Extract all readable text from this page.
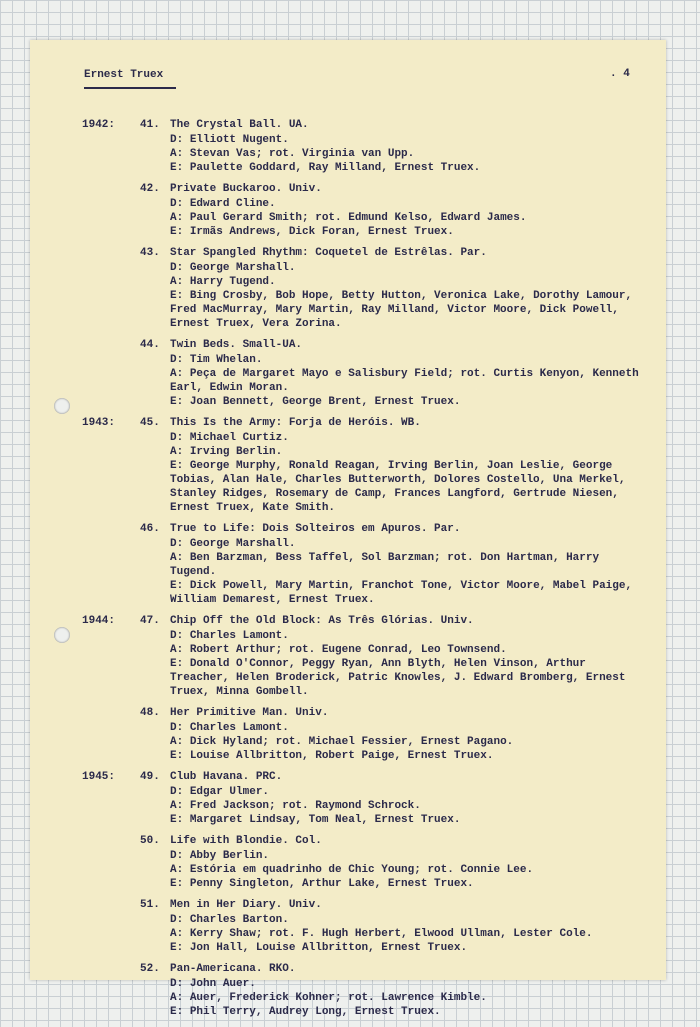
Ernest Truex	. 4
1942: 41. The Crystal Ball. UA.
D: Elliott Nugent.
A: Stevan Vas; rot. Virginia van Upp.
E: Paulette Goddard, Ray Milland, Ernest Truex.
42. Private Buckaroo. Univ.
D: Edward Cline.
A: Paul Gerard Smith; rot. Edmund Kelso, Edward James.
E: Irmãs Andrews, Dick Foran, Ernest Truex.
43. Star Spangled Rhythm: Coquetel de Estrêlas. Par.
D: George Marshall.
A: Harry Tugend.
E: Bing Crosby, Bob Hope, Betty Hutton, Veronica Lake, Dorothy Lamour, Fred MacMurray, Mary Martin, Ray Milland, Victor Moore, Dick Powell, Ernest Truex, Vera Zorina.
44. Twin Beds. Small-UA.
D: Tim Whelan.
A: Peça de Margaret Mayo e Salisbury Field; rot. Curtis Kenyon, Kenneth Earl, Edwin Moran.
E: Joan Bennett, George Brent, Ernest Truex.
1943: 45. This Is the Army: Forja de Heróis. WB.
D: Michael Curtiz.
A: Irving Berlin.
E: George Murphy, Ronald Reagan, Irving Berlin, Joan Leslie, George Tobias, Alan Hale, Charles Butterworth, Dolores Costello, Una Merkel, Stanley Ridges, Rosemary de Camp, Frances Langford, Gertrude Niesen, Ernest Truex, Kate Smith.
46. True to Life: Dois Solteiros em Apuros. Par.
D: George Marshall.
A: Ben Barzman, Bess Taffel, Sol Barzman; rot. Don Hartman, Harry Tugend.
E: Dick Powell, Mary Martin, Franchot Tone, Victor Moore, Mabel Paige, William Demarest, Ernest Truex.
1944: 47. Chip Off the Old Block: As Três Glórias. Univ.
D: Charles Lamont.
A: Robert Arthur; rot. Eugene Conrad, Leo Townsend.
E: Donald O'Connor, Peggy Ryan, Ann Blyth, Helen Vinson, Arthur Treacher, Helen Broderick, Patric Knowles, J. Edward Bromberg, Ernest Truex, Minna Gombell.
48. Her Primitive Man. Univ.
D: Charles Lamont.
A: Dick Hyland; rot. Michael Fessier, Ernest Pagano.
E: Louise Allbritton, Robert Paige, Ernest Truex.
1945: 49. Club Havana. PRC.
D: Edgar Ulmer.
A: Fred Jackson; rot. Raymond Schrock.
E: Margaret Lindsay, Tom Neal, Ernest Truex.
50. Life with Blondie. Col.
D: Abby Berlin.
A: Estória em quadrinho de Chic Young; rot. Connie Lee.
E: Penny Singleton, Arthur Lake, Ernest Truex.
51. Men in Her Diary. Univ.
D: Charles Barton.
A: Kerry Shaw; rot. F. Hugh Herbert, Elwood Ullman, Lester Cole.
E: Jon Hall, Louise Allbritton, Ernest Truex.
52. Pan-Americana. RKO.
D: John Auer.
A: Auer, Frederick Kohner; rot. Lawrence Kimble.
E: Phil Terry, Audrey Long, Ernest Truex.
